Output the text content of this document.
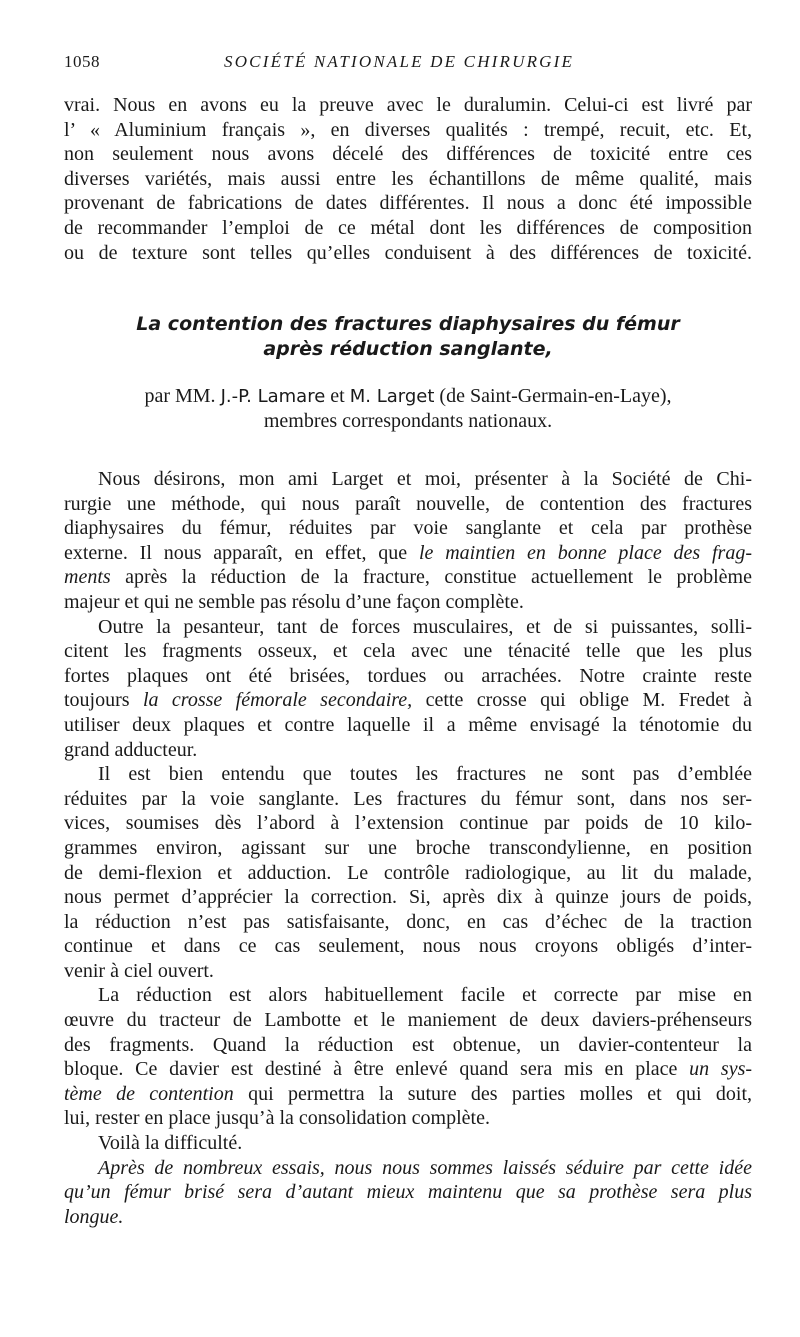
1058	SOCIÉTÉ NATIONALE DE CHIRURGIE
vrai. Nous en avons eu la preuve avec le duralumin. Celui-ci est livré par
l’ « Aluminium français », en diverses qualités : trempé, recuit, etc. Et,
non seulement nous avons décelé des différences de toxicité entre ces
diverses variétés, mais aussi entre les échantillons de même qualité, mais
provenant de fabrications de dates différentes. Il nous a donc été impossible
de recommander l’emploi de ce métal dont les différences de composition
ou de texture sont telles qu’elles conduisent à des différences de toxicité.
La contention des fractures diaphysaires du fémur
après réduction sanglante,
par MM. J.-P. Lamare et M. Larget (de Saint-Germain-en-Laye),
membres correspondants nationaux.
Nous désirons, mon ami Larget et moi, présenter à la Société de Chi-
rurgie une méthode, qui nous paraît nouvelle, de contention des fractures
diaphysaires du fémur, réduites par voie sanglante et cela par prothèse
externe. Il nous apparaît, en effet, que le maintien en bonne place des frag-
ments après la réduction de la fracture, constitue actuellement le problème
majeur et qui ne semble pas résolu d’une façon complète.
Outre la pesanteur, tant de forces musculaires, et de si puissantes, solli-
citent les fragments osseux, et cela avec une ténacité telle que les plus
fortes plaques ont été brisées, tordues ou arrachées. Notre crainte reste
toujours la crosse fémorale secondaire, cette crosse qui oblige M. Fredet à
utiliser deux plaques et contre laquelle il a même envisagé la ténotomie du
grand adducteur.
Il est bien entendu que toutes les fractures ne sont pas d’emblée
réduites par la voie sanglante. Les fractures du fémur sont, dans nos ser-
vices, soumises dès l’abord à l’extension continue par poids de 10 kilo-
grammes environ, agissant sur une broche transcondylienne, en position
de demi-flexion et adduction. Le contrôle radiologique, au lit du malade,
nous permet d’apprécier la correction. Si, après dix à quinze jours de poids,
la réduction n’est pas satisfaisante, donc, en cas d’échec de la traction
continue et dans ce cas seulement, nous nous croyons obligés d’inter-
venir à ciel ouvert.
La réduction est alors habituellement facile et correcte par mise en
œuvre du tracteur de Lambotte et le maniement de deux daviers-préhenseurs
des fragments. Quand la réduction est obtenue, un davier-contenteur la
bloque. Ce davier est destiné à être enlevé quand sera mis en place un sys-
tème de contention qui permettra la suture des parties molles et qui doit,
lui, rester en place jusqu’à la consolidation complète.
Voilà la difficulté.
Après de nombreux essais, nous nous sommes laissés séduire par cette idée
qu’un fémur brisé sera d’autant mieux maintenu que sa prothèse sera plus
longue.
